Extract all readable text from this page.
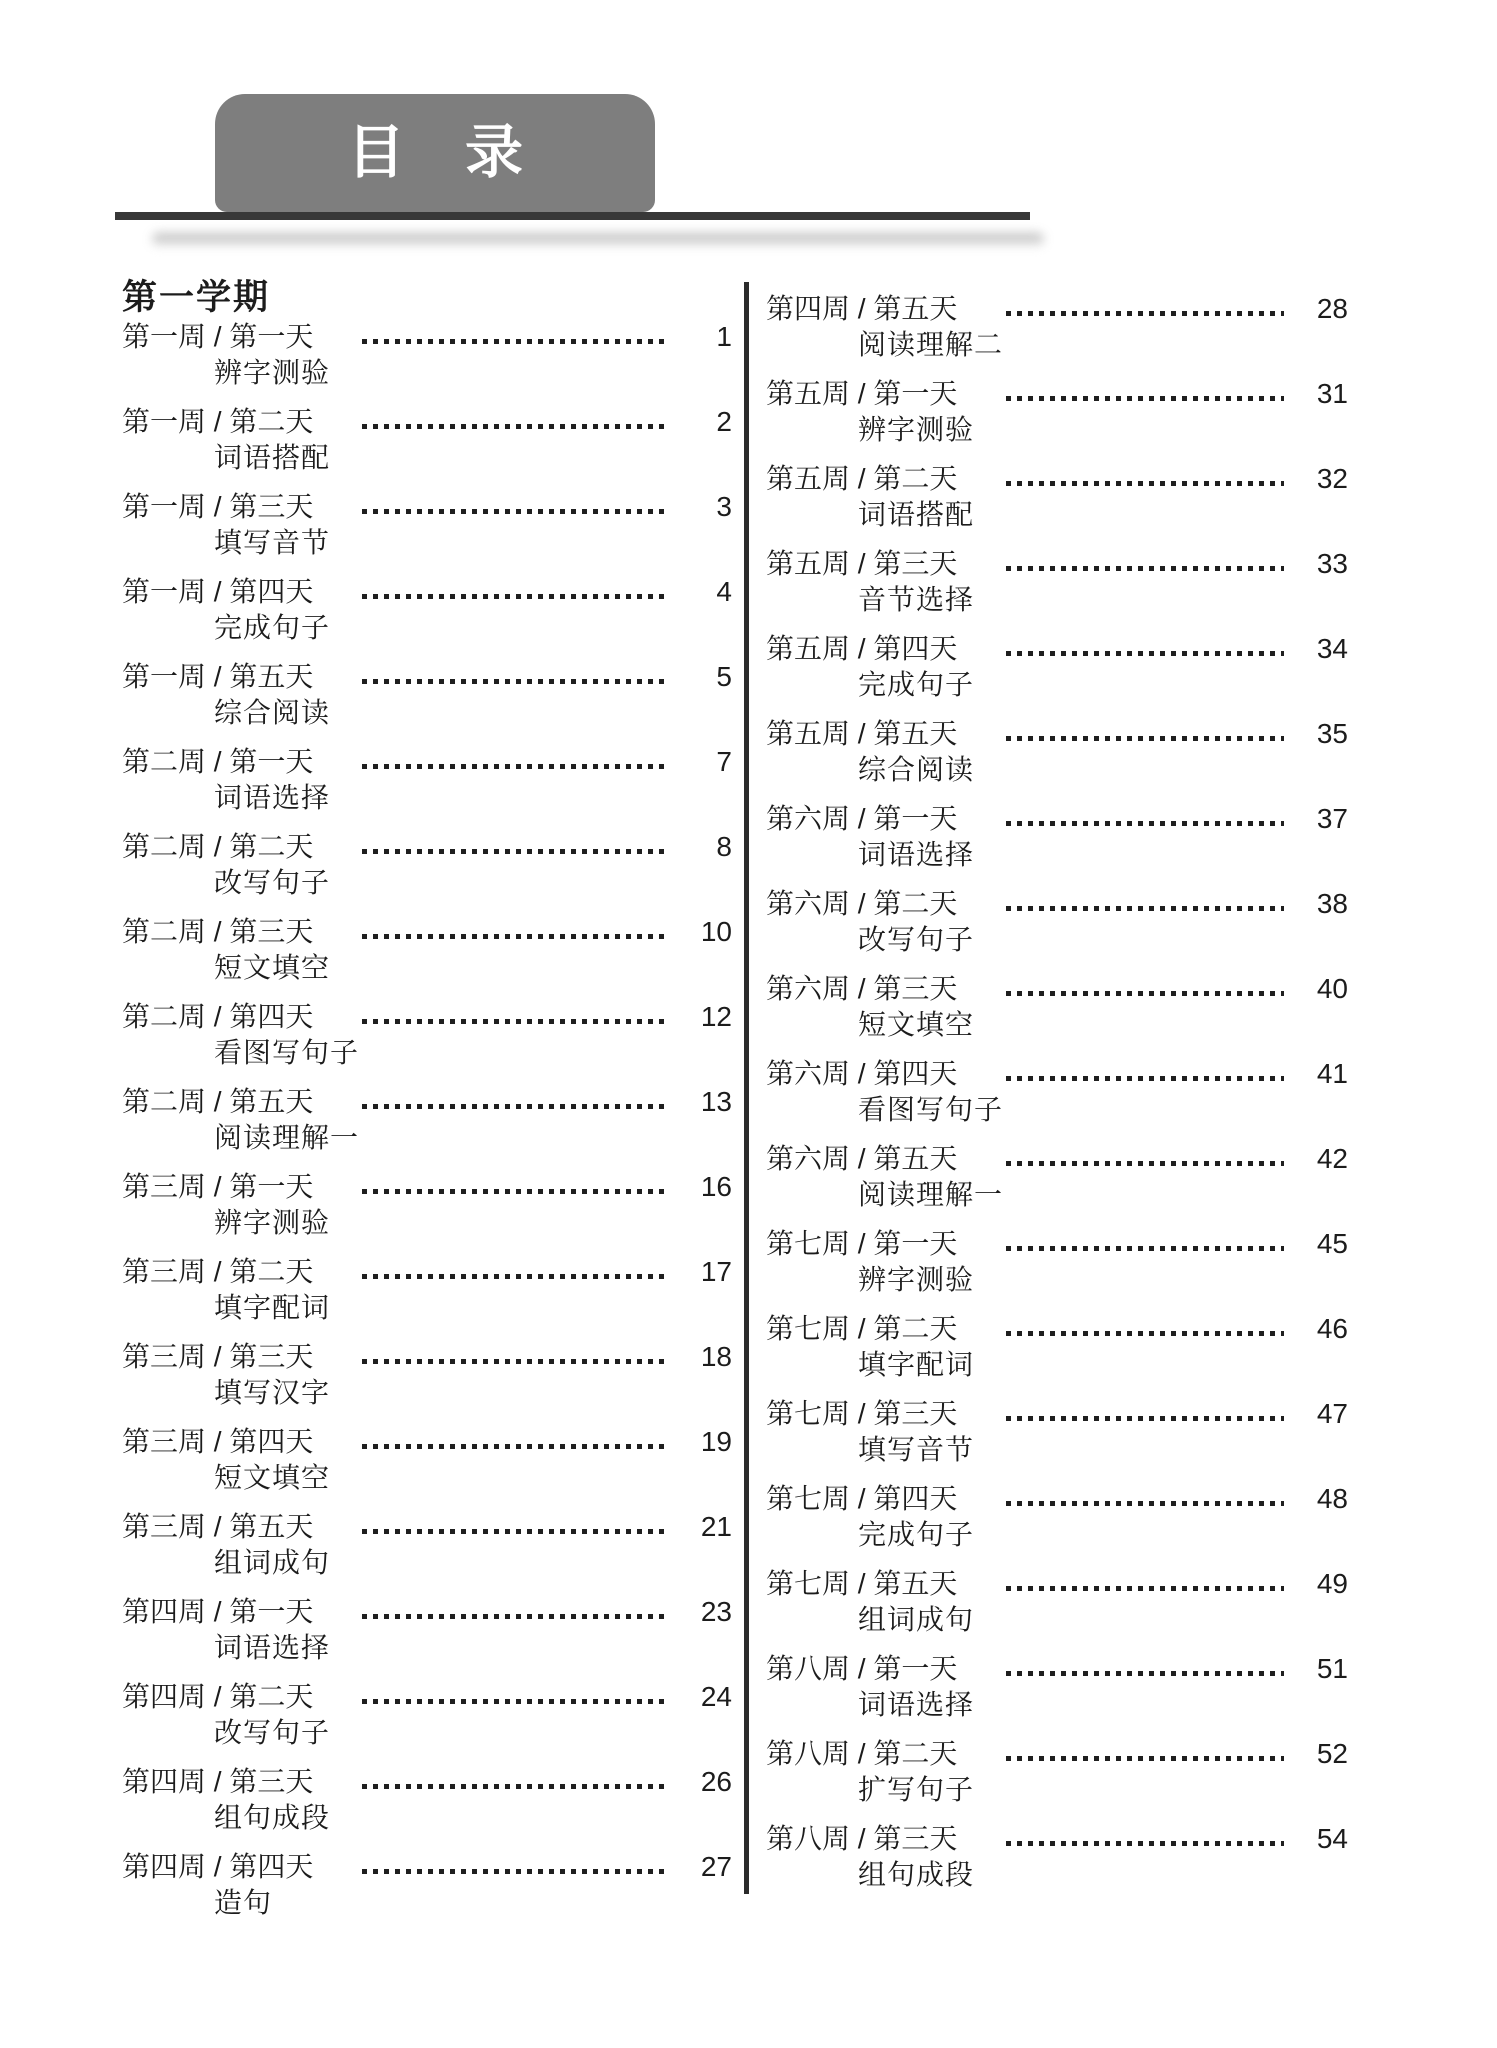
目 录
第一学期
第一周 / 第一天	1
辨字测验
第一周 / 第二天	2
词语搭配
第一周 / 第三天	3
填写音节
第一周 / 第四天	4
完成句子
第一周 / 第五天	5
综合阅读
第二周 / 第一天	7
词语选择
第二周 / 第二天	8
改写句子
第二周 / 第三天	10
短文填空
第二周 / 第四天	12
看图写句子
第二周 / 第五天	13
阅读理解一
第三周 / 第一天	16
辨字测验
第三周 / 第二天	17
填字配词
第三周 / 第三天	18
填写汉字
第三周 / 第四天	19
短文填空
第三周 / 第五天	21
组词成句
第四周 / 第一天	23
词语选择
第四周 / 第二天	24
改写句子
第四周 / 第三天	26
组句成段
第四周 / 第四天	27
造句
第四周 / 第五天	28
阅读理解二
第五周 / 第一天	31
辨字测验
第五周 / 第二天	32
词语搭配
第五周 / 第三天	33
音节选择
第五周 / 第四天	34
完成句子
第五周 / 第五天	35
综合阅读
第六周 / 第一天	37
词语选择
第六周 / 第二天	38
改写句子
第六周 / 第三天	40
短文填空
第六周 / 第四天	41
看图写句子
第六周 / 第五天	42
阅读理解一
第七周 / 第一天	45
辨字测验
第七周 / 第二天	46
填字配词
第七周 / 第三天	47
填写音节
第七周 / 第四天	48
完成句子
第七周 / 第五天	49
组词成句
第八周 / 第一天	51
词语选择
第八周 / 第二天	52
扩写句子
第八周 / 第三天	54
组句成段
